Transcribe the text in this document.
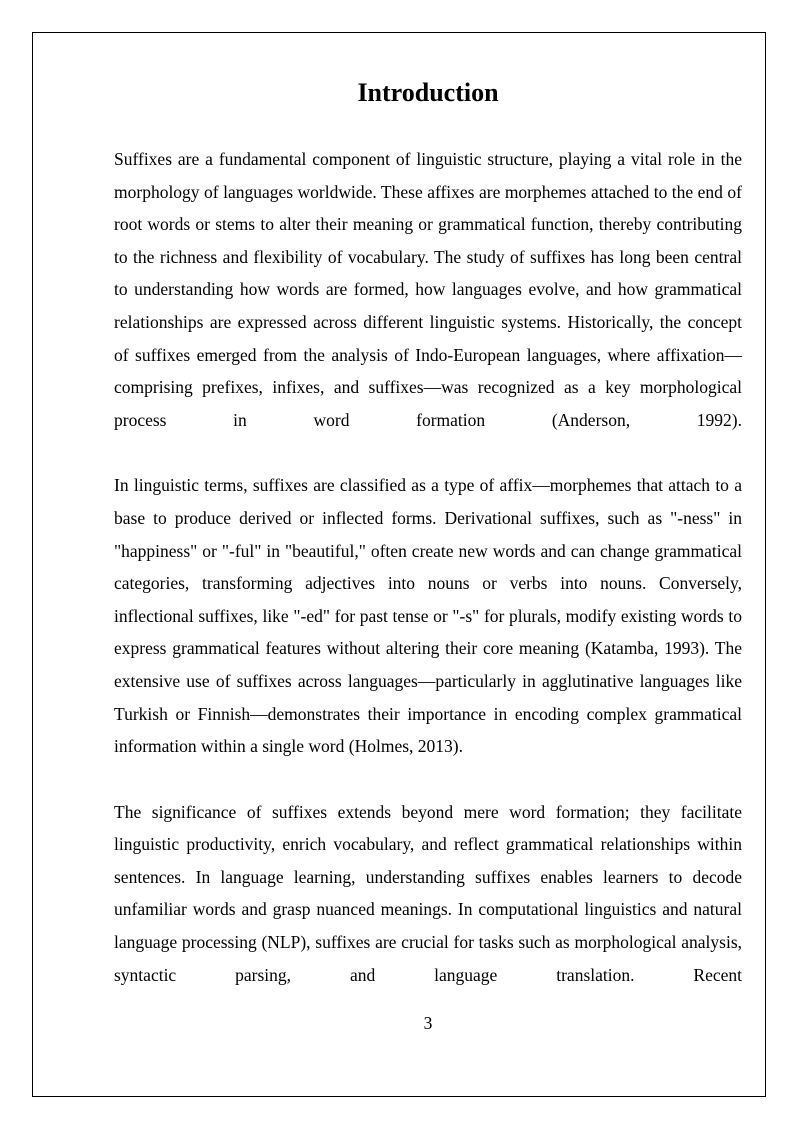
Introduction

Suffixes are a fundamental component of linguistic structure, playing a vital role in the morphology of languages worldwide. These affixes are morphemes attached to the end of root words or stems to alter their meaning or grammatical function, thereby contributing to the richness and flexibility of vocabulary. The study of suffixes has long been central to understanding how words are formed, how languages evolve, and how grammatical relationships are expressed across different linguistic systems. Historically, the concept of suffixes emerged from the analysis of Indo-European languages, where affixation—comprising prefixes, infixes, and suffixes—was recognized as a key morphological process in word formation (Anderson, 1992).

In linguistic terms, suffixes are classified as a type of affix—morphemes that attach to a base to produce derived or inflected forms. Derivational suffixes, such as "-ness" in "happiness" or "-ful" in "beautiful," often create new words and can change grammatical categories, transforming adjectives into nouns or verbs into nouns. Conversely, inflectional suffixes, like "-ed" for past tense or "-s" for plurals, modify existing words to express grammatical features without altering their core meaning (Katamba, 1993). The extensive use of suffixes across languages—particularly in agglutinative languages like Turkish or Finnish—demonstrates their importance in encoding complex grammatical information within a single word (Holmes, 2013).

The significance of suffixes extends beyond mere word formation; they facilitate linguistic productivity, enrich vocabulary, and reflect grammatical relationships within sentences. In language learning, understanding suffixes enables learners to decode unfamiliar words and grasp nuanced meanings. In computational linguistics and natural language processing (NLP), suffixes are crucial for tasks such as morphological analysis, syntactic parsing, and language translation. Recent

3
